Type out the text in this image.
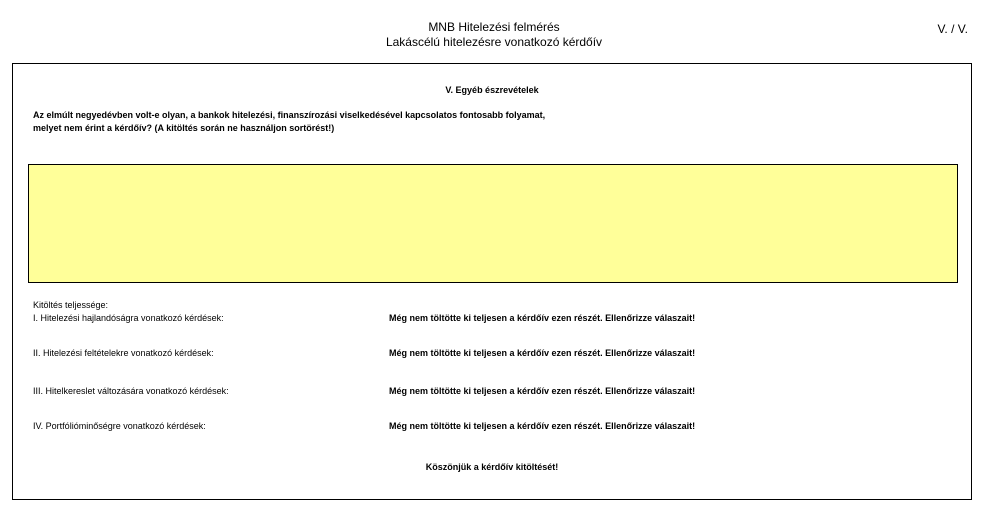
MNB Hitelezési felmérés
Lakáscélú hitelezésre vonatkozó kérdőív
V. / V.
V. Egyéb észrevételek
Az elmúlt negyedévben volt-e olyan, a bankok hitelezési, finanszírozási viselkedésével kapcsolatos fontosabb folyamat,
melyet nem érint a kérdőív? (A kitöltés során ne használjon sortörést!)
Kitöltés teljessége:
I. Hitelezési hajlandóságra vonatkozó kérdések:	Még nem töltötte ki teljesen a kérdőív ezen részét. Ellenőrizze válaszait!
II. Hitelezési feltételekre vonatkozó kérdések:	Még nem töltötte ki teljesen a kérdőív ezen részét. Ellenőrizze válaszait!
III. Hitelkereslet változására vonatkozó kérdések:	Még nem töltötte ki teljesen a kérdőív ezen részét. Ellenőrizze válaszait!
IV. Portfólióminőségre vonatkozó kérdések:	Még nem töltötte ki teljesen a kérdőív ezen részét. Ellenőrizze válaszait!
Köszönjük a kérdőív kitöltését!
